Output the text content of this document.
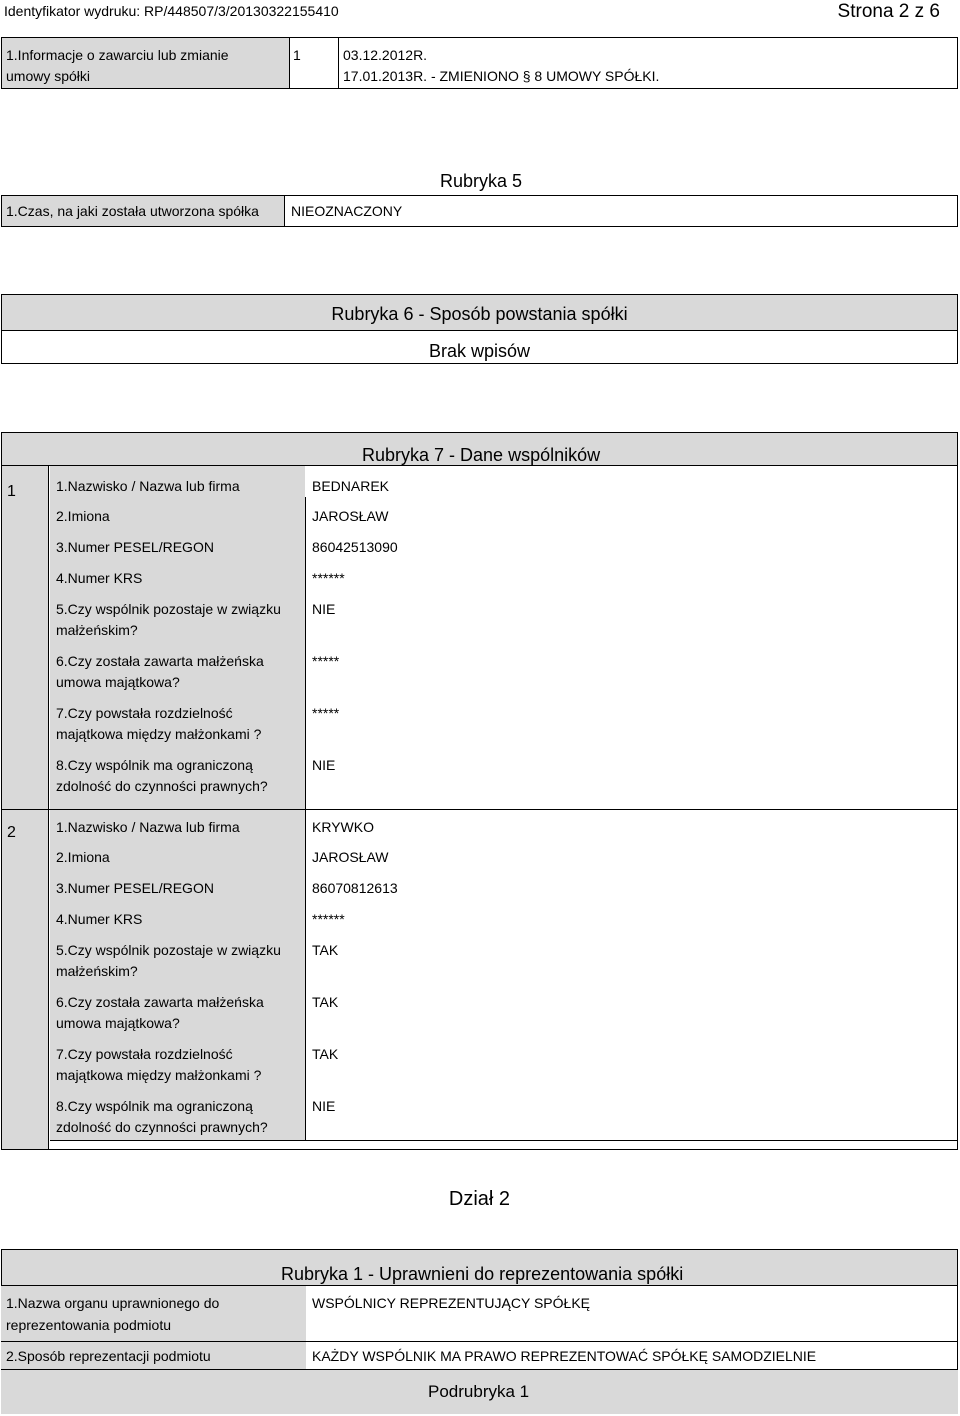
Identyfikator wydruku: RP/448507/3/20130322155410	Strona 2 z 6
1.Informacje o zawarciu lub zmianie
umowy spółki
1	03.12.2012R.
17.01.2013R. - ZMIENIONO § 8 UMOWY SPÓŁKI.
Rubryka 5
1.Czas, na jaki została utworzona spółka NIEOZNACZONY
Rubryka 6 - Sposób powstania spółki
Brak wpisów
Rubryka 7 - Dane wspólników
1	1.Nazwisko / Nazwa lub firma	BEDNAREK
2.Imiona	JAROSŁAW
3.Numer PESEL/REGON	86042513090
4.Numer KRS	******
5.Czy wspólnik pozostaje w związku
małżeńskim?
NIE
6.Czy została zawarta małżeńska
umowa majątkowa?
*****
7.Czy powstała rozdzielność
majątkowa między małżonkami ?
*****
8.Czy wspólnik ma ograniczoną
zdolność do czynności prawnych?
NIE
2	1.Nazwisko / Nazwa lub firma	KRYWKO
2.Imiona	JAROSŁAW
3.Numer PESEL/REGON	86070812613
4.Numer KRS	******
5.Czy wspólnik pozostaje w związku
małżeńskim?
TAK
6.Czy została zawarta małżeńska
umowa majątkowa?
TAK
7.Czy powstała rozdzielność
majątkowa między małżonkami ?
TAK
8.Czy wspólnik ma ograniczoną
zdolność do czynności prawnych?
NIE
Dział 2
Rubryka 1 - Uprawnieni do reprezentowania spółki
1.Nazwa organu uprawnionego do
reprezentowania podmiotu
WSPÓLNICY REPREZENTUJĄCY SPÓŁKĘ
2.Sposób reprezentacji podmiotu	KAŻDY WSPÓLNIK MA PRAWO REPREZENTOWAĆ SPÓŁKĘ SAMODZIELNIE
Podrubryka 1
